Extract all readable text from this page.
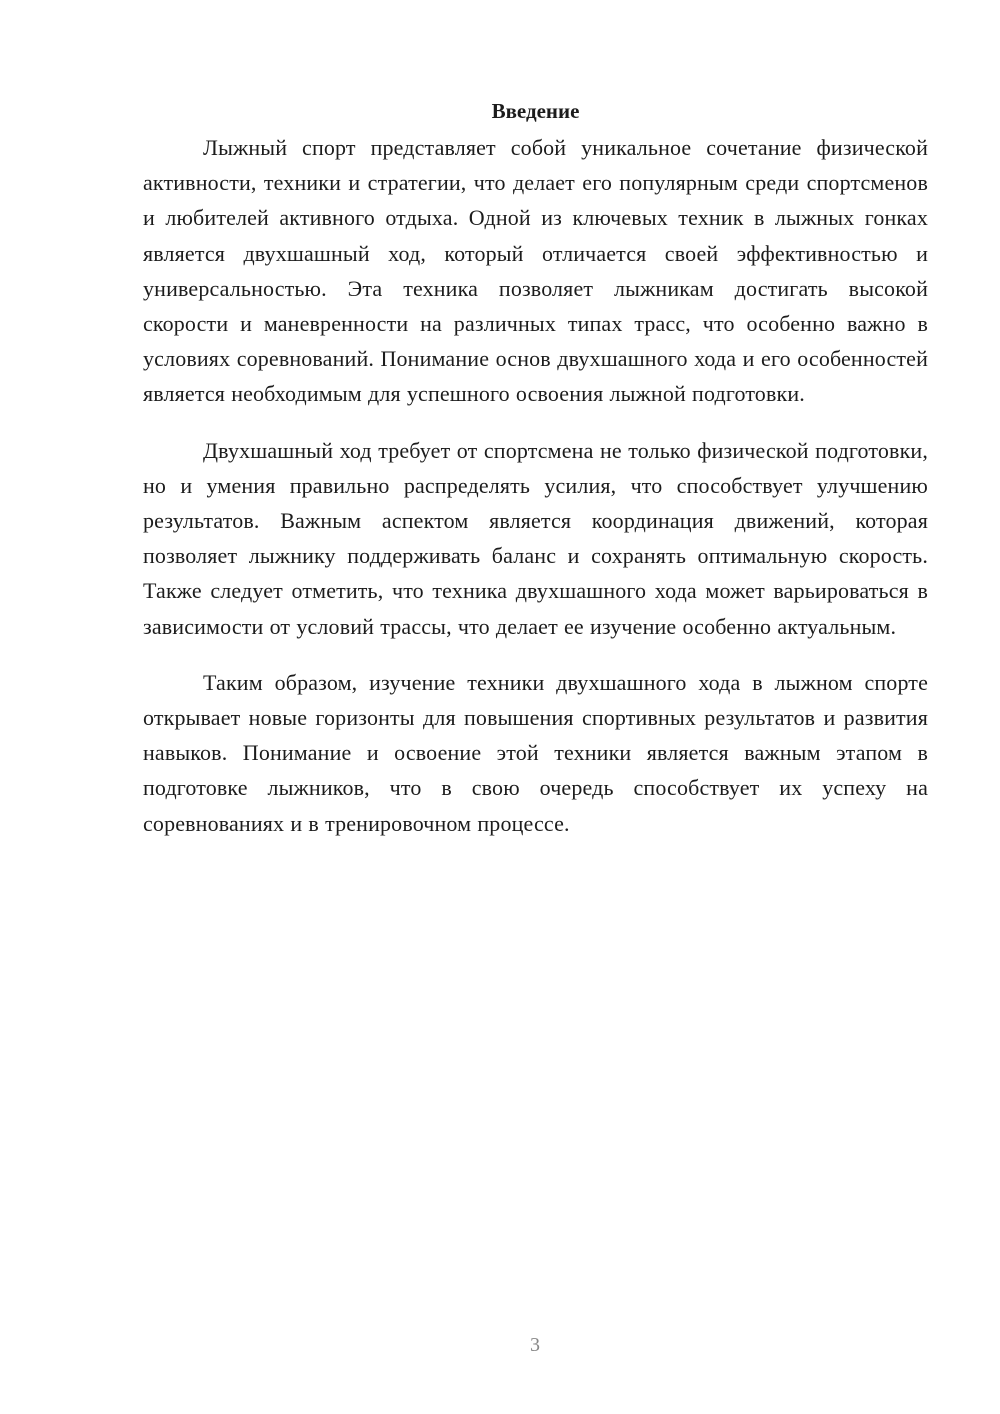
Введение

Лыжный спорт представляет собой уникальное сочетание физической активности, техники и стратегии, что делает его популярным среди спортсменов и любителей активного отдыха. Одной из ключевых техник в лыжных гонках является двухшашный ход, который отличается своей эффективностью и универсальностью. Эта техника позволяет лыжникам достигать высокой скорости и маневренности на различных типах трасс, что особенно важно в условиях соревнований. Понимание основ двухшашного хода и его особенностей является необходимым для успешного освоения лыжной подготовки.

Двухшашный ход требует от спортсмена не только физической подготовки, но и умения правильно распределять усилия, что способствует улучшению результатов. Важным аспектом является координация движений, которая позволяет лыжнику поддерживать баланс и сохранять оптимальную скорость. Также следует отметить, что техника двухшашного хода может варьироваться в зависимости от условий трассы, что делает ее изучение особенно актуальным.

Таким образом, изучение техники двухшашного хода в лыжном спорте открывает новые горизонты для повышения спортивных результатов и развития навыков. Понимание и освоение этой техники является важным этапом в подготовке лыжников, что в свою очередь способствует их успеху на соревнованиях и в тренировочном процессе.

3
